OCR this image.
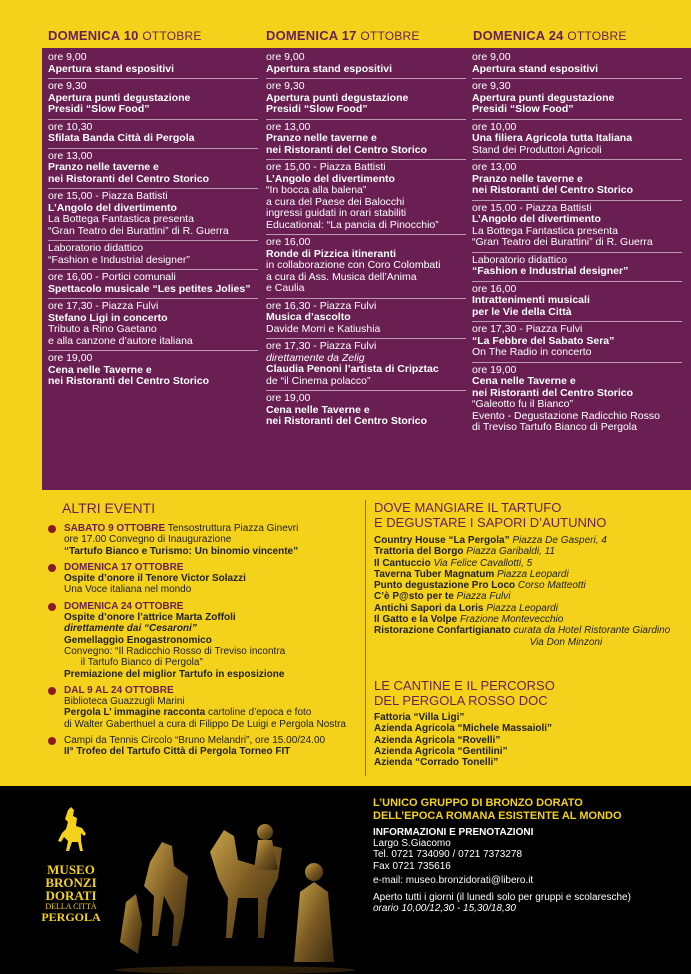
DOMENICA 10 OTTOBRE	DOMENICA 17 OTTOBRE	DOMENICA 24 OTTOBRE
ore 9,00
Apertura stand espositivi
ore 9,30
Apertura punti degustazione
Presidi “Slow Food”
ore 10,30
Sfilata Banda Città di Pergola
ore 13,00
Pranzo nelle taverne e
nei Ristoranti del Centro Storico
ore 15,00 - Piazza Battisti
L’Angolo del divertimento
La Bottega Fantastica presenta
“Gran Teatro dei Burattini” di R. Guerra
Laboratorio didattico
“Fashion e Industrial designer”
ore 16,00 - Portici comunali
Spettacolo musicale “Les petites Jolies”
ore 17,30 - Piazza Fulvi
Stefano Ligi in concerto
Tributo a Rino Gaetano
e alla canzone d’autore italiana
ore 19,00
Cena nelle Taverne e
nei Ristoranti del Centro Storico
ore 9,00
Apertura stand espositivi
ore 9,30
Apertura punti degustazione
Presidi “Slow Food”
ore 13,00
Pranzo nelle taverne e
nei Ristoranti del Centro Storico
ore 15,00 - Piazza Battisti
L’Angolo del divertimento
“In bocca alla balena”
a cura del Paese dei Balocchi
ingressi guidati in orari stabiliti
Educational: “La pancia di Pinocchio”
ore 16,00
Ronde di Pizzica itineranti
in collaborazione con Coro Colombati
a cura di Ass. Musica dell’Anima
e Caulia
ore 16,30 - Piazza Fulvi
Musica d’ascolto
Davide Morri e Katiushia
ore 17,30 - Piazza Fulvi
direttamente da Zelig
Claudia Penoni l’artista di Cripztac
de “il Cinema polacco”
ore 19,00
Cena nelle Taverne e
nei Ristoranti del Centro Storico
ore 9,00
Apertura stand espositivi
ore 9,30
Apertura punti degustazione
Presidi “Slow Food”
ore 10,00
Una filiera Agricola tutta Italiana
Stand dei Produttori Agricoli
ore 13,00
Pranzo nelle taverne e
nei Ristoranti del Centro Storico
ore 15,00 - Piazza Battisti
L’Angolo del divertimento
La Bottega Fantastica presenta
“Gran Teatro dei Burattini” di R. Guerra
Laboratorio didattico
“Fashion e Industrial designer”
ore 16,00
Intrattenimenti musicali
per le Vie della Città
ore 17,30 - Piazza Fulvi
“La Febbre del Sabato Sera”
On The Radio in concerto
ore 19,00
Cena nelle Taverne e
nei Ristoranti del Centro Storico
“Galeotto fu il Bianco”
Evento - Degustazione Radicchio Rosso
di Treviso Tartufo Bianco di Pergola
ALTRI EVENTI
SABATO 9 OTTOBRE Tensostruttura Piazza Ginevri
ore 17.00 Convegno di Inaugurazione
“Tartufo Bianco e Turismo: Un binomio vincente”
DOMENICA 17 OTTOBRE
Ospite d’onore il Tenore Victor Solazzi
Una Voce italiana nel mondo
DOMENICA 24 OTTOBRE
Ospite d’onore l’attrice Marta Zoffoli
direttamente dai “Cesaroni”
Gemellaggio Enogastronomico
Convegno: “Il Radicchio Rosso di Treviso incontra
il Tartufo Bianco di Pergola”
Premiazione del miglior Tartufo in esposizione
DAL 9 AL 24 OTTOBRE
Biblioteca Guazzugli Marini
Pergola L’ immagine racconta cartoline d’epoca e foto
di Walter Gaberthuel a cura di Filippo De Luigi e Pergola Nostra
Campi da Tennis Circolo “Bruno Melandri”, ore 15.00/24.00
II° Trofeo del Tartufo Città di Pergola Torneo FIT
DOVE MANGIARE IL TARTUFO
E DEGUSTARE I SAPORI D’AUTUNNO
Country House “La Pergola” Piazza De Gasperi, 4
Trattoria del Borgo Piazza Garibaldi, 11
Il Cantuccio Via Felice Cavallotti, 5
Taverna Tuber Magnatum Piazza Leopardi
Punto degustazione Pro Loco Corso Matteotti
C’è P@sto per te Piazza Fulvi
Antichi Sapori da Loris Piazza Leopardi
Il Gatto e la Volpe Frazione Montevecchio
Ristorazione Confartigianato curata da Hotel Ristorante Giardino
Via Don Minzoni
LE CANTINE E IL PERCORSO
DEL PERGOLA ROSSO DOC
Fattoria “Villa Ligi”
Azienda Agricola “Michele Massaioli”
Azienda Agricola “Rovelli”
Azienda Agricola “Gentilini”
Azienda “Corrado Tonelli”
MUSEO
BRONZI
DORATI
DELLA CITTÀ
PERGOLA
L’UNICO GRUPPO DI BRONZO DORATO
DELL’EPOCA ROMANA ESISTENTE AL MONDO
INFORMAZIONI E PRENOTAZIONI
Largo S.Giacomo
Tel. 0721 734090 / 0721 7373278
Fax 0721 735616
e-mail: museo.bronzidorati@libero.it
Aperto tutti i giorni (il lunedì solo per gruppi e scolaresche)
orario 10,00/12,30 - 15,30/18,30
